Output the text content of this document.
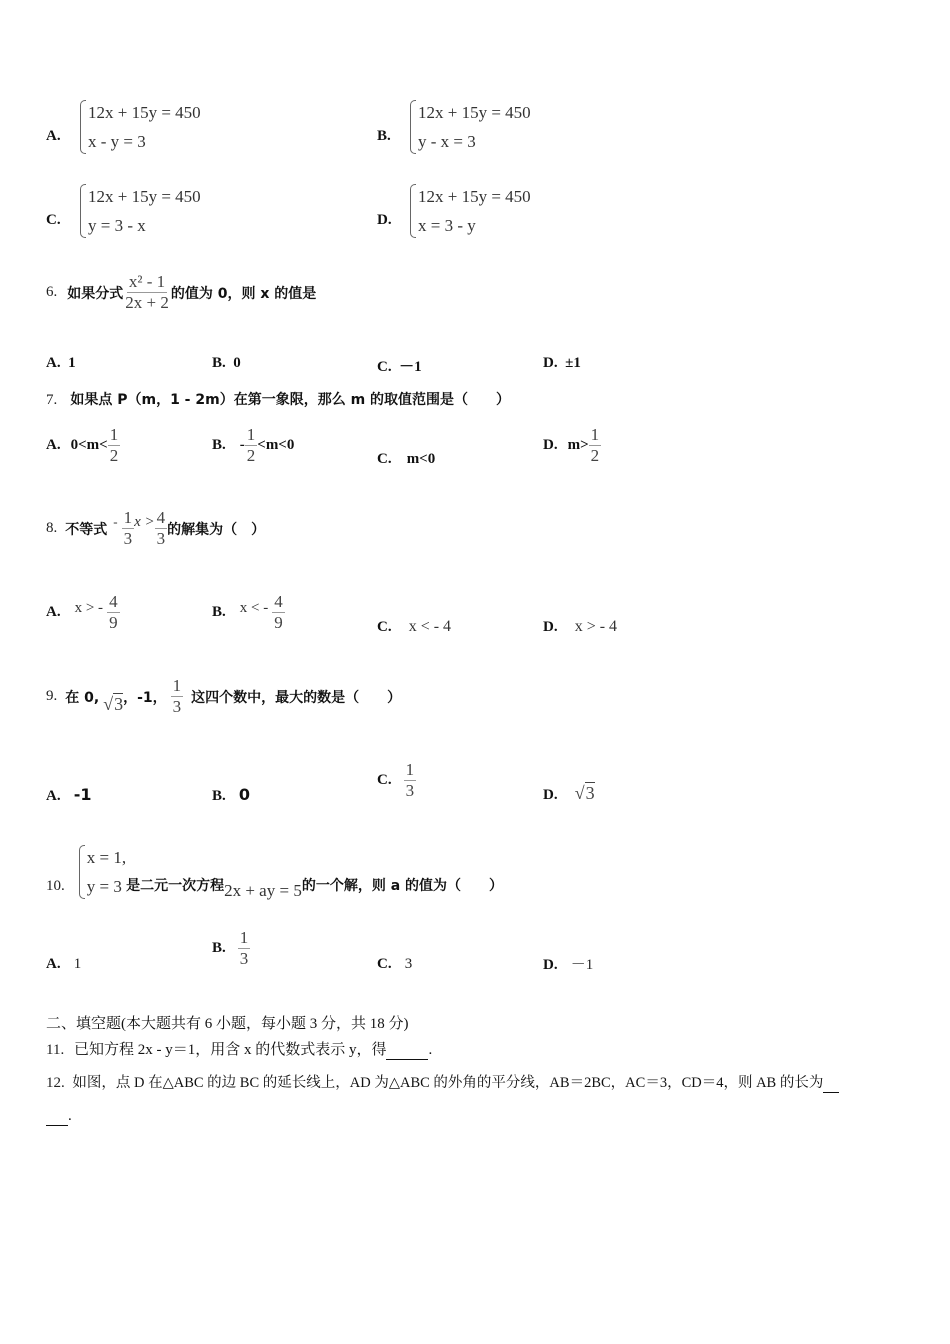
A.
12x + 15y = 450
x - y = 3	B.
12x + 15y = 450
y - x = 3
C.
12x + 15y = 450
y = 3 - x	D.
12x + 15y = 450
x = 3 - y
6. 如果分式 $\frac{\text{x² - 1}}{2x + 2}$ 的值为 0，则 x 的值是
A. 1	B. 0	C. －1	D. ±1
7. 如果点 P（m，1 - 2m）在第一象限，那么 m 的取值范围是（　　）
A. $0<m< \frac{1}{2}$	B. - $\frac{1}{2} <m<0$
C. m<0
D. $m> \frac{1}{2}$
8. 不等式 - $\frac{1}{3}$ $x > \frac{4}{3}$ 的解集为（　）
A. x > - $\frac{4}{9}$	B. x < - $\frac{4}{9}$	C. x < - 4	D. x > - 4
9. 在 0, √3 ，-1， $\frac{1}{3}$ 这四个数中，最大的数是（　　）
A. -1	B. 0
C. $\frac{1}{3}$	D. √3
10.
x = 1,
y = 3 是二元一次方程 2x + ay = 5 的一个解，则 a 的值为（　　）
A. 1
B. $\frac{1}{3}$	C. 3	D. －1
二、填空题(本大题共有 6 小题，每小题 3 分，共 18 分)
11. 已知方程 2x - y＝1，用含 x 的代数式表示 y，得	.
12. 如图，点 D 在△ABC 的边 BC 的延长线上，AD 为△ABC 的外角的平分线，AB＝2BC，AC＝3，CD＝4，则 AB 的长为
.
